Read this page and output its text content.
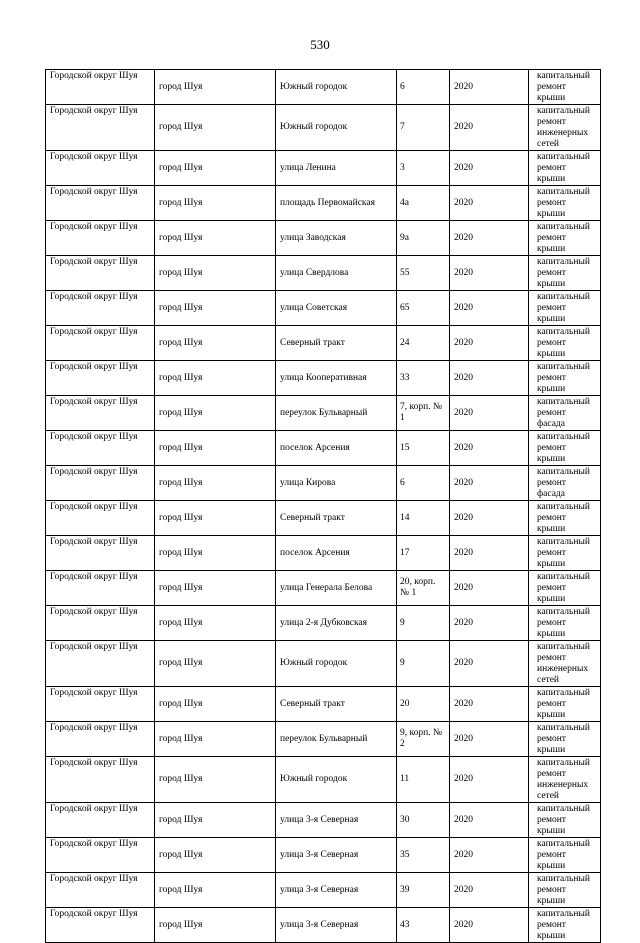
530
Городской округ Шуя	город Шуя	Южный городок	6	2020	капитальный ремонт крыши
Городской округ Шуя	город Шуя	Южный городок	7	2020	капитальный ремонт инженерных сетей
Городской округ Шуя	город Шуя	улица Ленина	3	2020	капитальный ремонт крыши
Городской округ Шуя	город Шуя	площадь Первомайская	4а	2020	капитальный ремонт крыши
Городской округ Шуя	город Шуя	улица Заводская	9а	2020	капитальный ремонт крыши
Городской округ Шуя	город Шуя	улица Свердлова	55	2020	капитальный ремонт крыши
Городской округ Шуя	город Шуя	улица Советская	65	2020	капитальный ремонт крыши
Городской округ Шуя	город Шуя	Северный тракт	24	2020	капитальный ремонт крыши
Городской округ Шуя	город Шуя	улица Кооперативная	33	2020	капитальный ремонт крыши
Городской округ Шуя	город Шуя	переулок Бульварный	7, корп. № 1	2020	капитальный ремонт фасада
Городской округ Шуя	город Шуя	поселок Арсения	15	2020	капитальный ремонт крыши
Городской округ Шуя	город Шуя	улица Кирова	6	2020	капитальный ремонт фасада
Городской округ Шуя	город Шуя	Северный тракт	14	2020	капитальный ремонт крыши
Городской округ Шуя	город Шуя	поселок Арсения	17	2020	капитальный ремонт крыши
Городской округ Шуя	город Шуя	улица Генерала Белова	20, корп. № 1	2020	капитальный ремонт крыши
Городской округ Шуя	город Шуя	улица 2-я Дубковская	9	2020	капитальный ремонт крыши
Городской округ Шуя	город Шуя	Южный городок	9	2020	капитальный ремонт инженерных сетей
Городской округ Шуя	город Шуя	Северный тракт	20	2020	капитальный ремонт крыши
Городской округ Шуя	город Шуя	переулок Бульварный	9, корп. № 2	2020	капитальный ремонт крыши
Городской округ Шуя	город Шуя	Южный городок	11	2020	капитальный ремонт инженерных сетей
Городской округ Шуя	город Шуя	улица 3-я Северная	30	2020	капитальный ремонт крыши
Городской округ Шуя	город Шуя	улица 3-я Северная	35	2020	капитальный ремонт крыши
Городской округ Шуя	город Шуя	улица 3-я Северная	39	2020	капитальный ремонт крыши
Городской округ Шуя	город Шуя	улица 3-я Северная	43	2020	капитальный ремонт крыши
